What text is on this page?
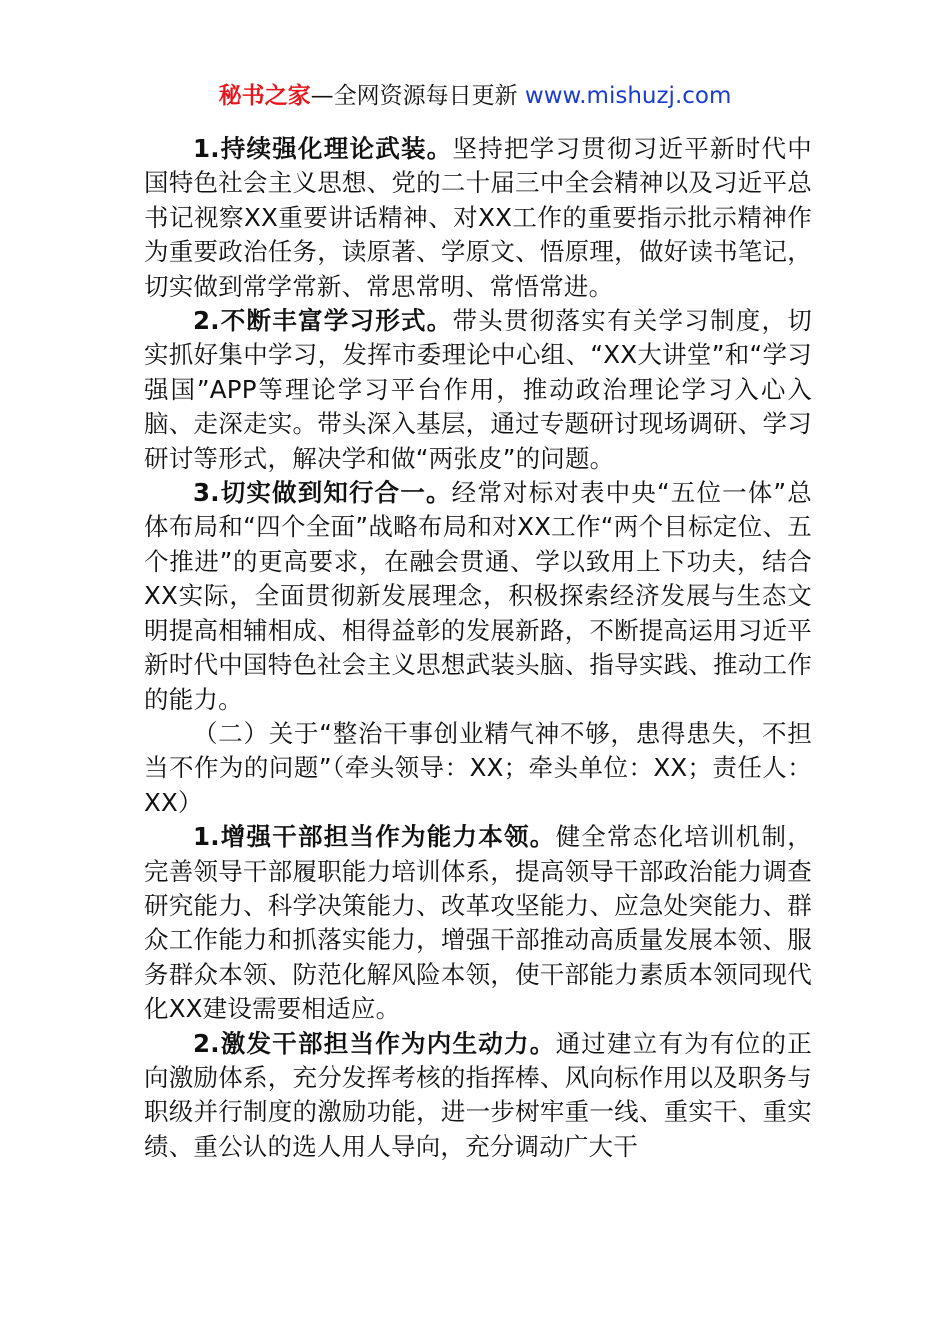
秘书之家—全网资源每日更新 www.mishuzj.com

1.持续强化理论武装。坚持把学习贯彻习近平新时代中国特色社会主义思想、党的二十届三中全会精神以及习近平总书记视察XX重要讲话精神、对XX工作的重要指示批示精神作为重要政治任务，读原著、学原文、悟原理，做好读书笔记，切实做到常学常新、常思常明、常悟常进。

2.不断丰富学习形式。带头贯彻落实有关学习制度，切实抓好集中学习，发挥市委理论中心组、“XX大讲堂”和“学习强国”APP等理论学习平台作用，推动政治理论学习入心入脑、走深走实。带头深入基层，通过专题研讨现场调研、学习研讨等形式，解决学和做“两张皮”的问题。

3.切实做到知行合一。经常对标对表中央“五位一体”总体布局和“四个全面”战略布局和对XX工作“两个目标定位、五个推进”的更高要求，在融会贯通、学以致用上下功夫，结合XX实际，全面贯彻新发展理念，积极探索经济发展与生态文明提高相辅相成、相得益彰的发展新路，不断提高运用习近平新时代中国特色社会主义思想武装头脑、指导实践、推动工作的能力。

（二）关于“整治干事创业精气神不够，患得患失，不担当不作为的问题”（牵头领导：XX；牵头单位：XX；责任人：XX）

1.增强干部担当作为能力本领。健全常态化培训机制，完善领导干部履职能力培训体系，提高领导干部政治能力调查研究能力、科学决策能力、改革攻坚能力、应急处突能力、群众工作能力和抓落实能力，增强干部推动高质量发展本领、服务群众本领、防范化解风险本领，使干部能力素质本领同现代化XX建设需要相适应。

2.激发干部担当作为内生动力。通过建立有为有位的正向激励体系，充分发挥考核的指挥棒、风向标作用以及职务与职级并行制度的激励功能，进一步树牢重一线、重实干、重实绩、重公认的选人用人导向，充分调动广大干
